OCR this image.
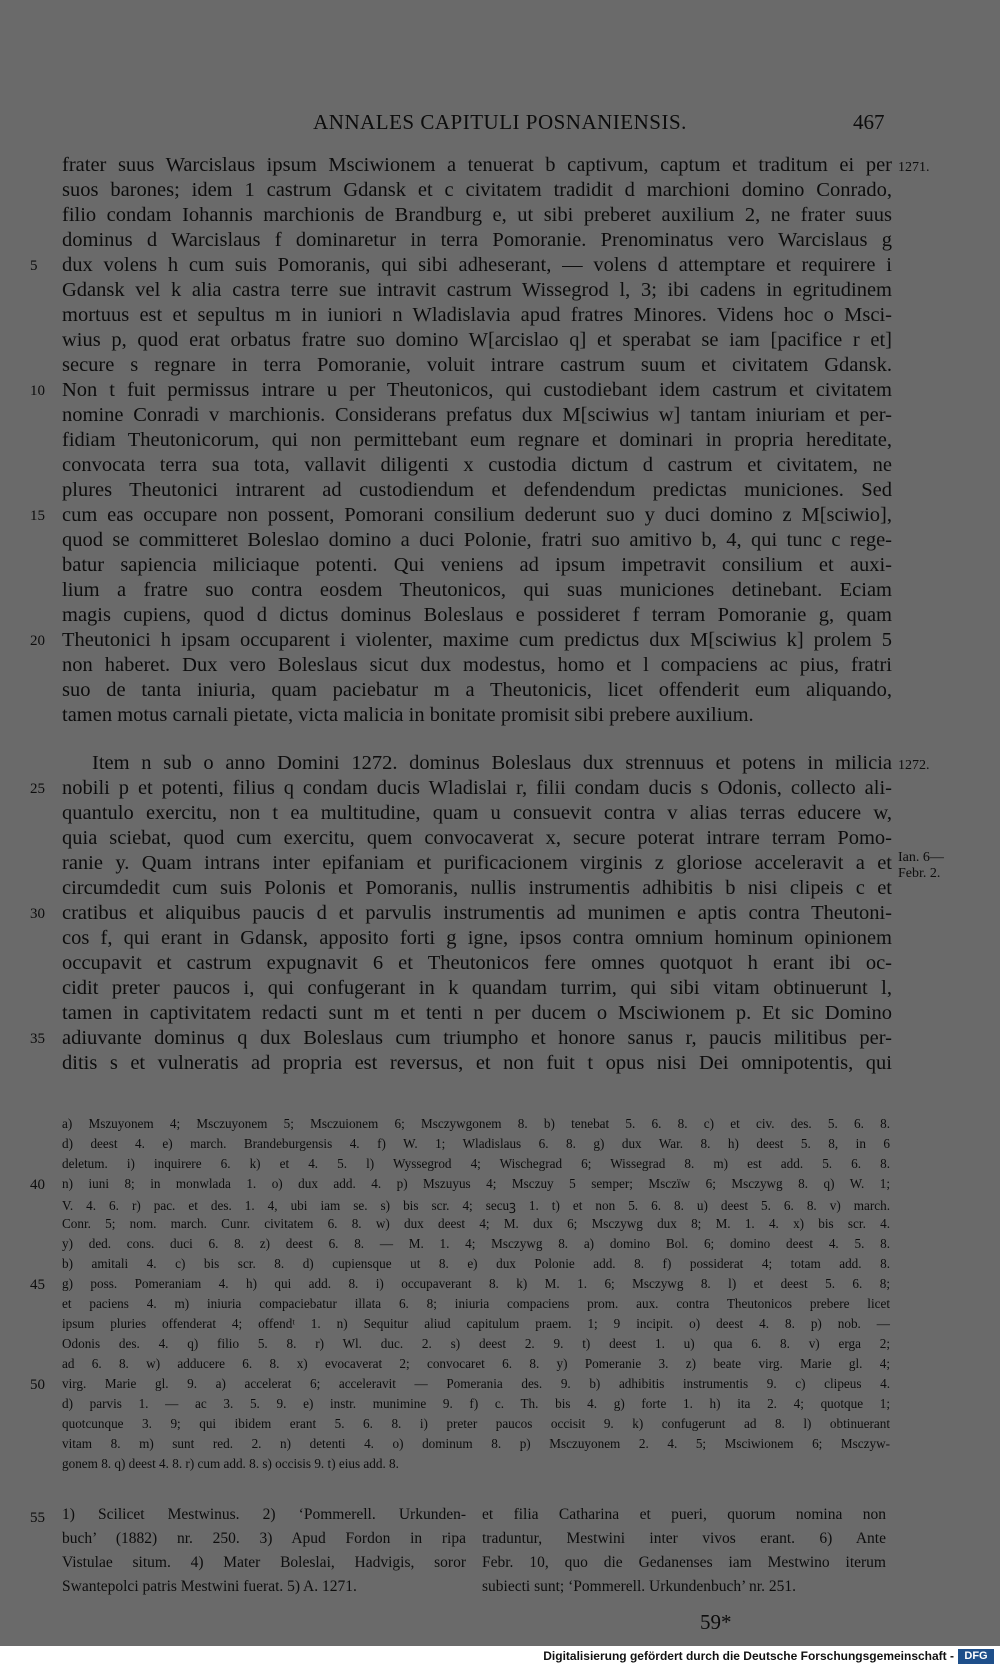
ANNALES CAPITULI POSNANIENSIS.	467
frater suus Warcislaus ipsum Msciwionem a tenuerat b captivum, captum et traditum ei per
suos barones; idem 1 castrum Gdansk et c civitatem tradidit d marchioni domino Conrado,
filio condam Iohannis marchionis de Brandburg e, ut sibi preberet auxilium 2, ne frater suus
dominus d Warcislaus f dominaretur in terra Pomoranie. Prenominatus vero Warcislaus g
dux volens h cum suis Pomoranis, qui sibi adheserant, — volens d attemptare et requirere i
Gdansk vel k alia castra terre sue intravit castrum Wissegrod l, 3; ibi cadens in egritudinem
mortuus est et sepultus m in iuniori n Wladislavia apud fratres Minores. Videns hoc o Msci-
wius p, quod erat orbatus fratre suo domino W[arcislao q] et sperabat se iam [pacifice r et]
secure s regnare in terra Pomoranie, voluit intrare castrum suum et civitatem Gdansk.
Non t fuit permissus intrare u per Theutonicos, qui custodiebant idem castrum et civitatem
nomine Conradi v marchionis. Considerans prefatus dux M[sciwius w] tantam iniuriam et per-
fidiam Theutonicorum, qui non permittebant eum regnare et dominari in propria hereditate,
convocata terra sua tota, vallavit diligenti x custodia dictum d castrum et civitatem, ne
plures Theutonici intrarent ad custodiendum et defendendum predictas municiones. Sed
cum eas occupare non possent, Pomorani consilium dederunt suo y duci domino z M[sciwio],
quod se committeret Boleslao domino a duci Polonie, fratri suo amitivo b, 4, qui tunc c rege-
batur sapiencia miliciaque potenti. Qui veniens ad ipsum impetravit consilium et auxi-
lium a fratre suo contra eosdem Theutonicos, qui suas municiones detinebant. Eciam
magis cupiens, quod d dictus dominus Boleslaus e possideret f terram Pomoranie g, quam
Theutonici h ipsam occuparent i violenter, maxime cum predictus dux M[sciwius k] prolem 5
non haberet. Dux vero Boleslaus sicut dux modestus, homo et l compaciens ac pius, fratri
suo de tanta iniuria, quam paciebatur m a Theutonicis, licet offenderit eum aliquando,
tamen motus carnali pietate, victa malicia in bonitate promisit sibi prebere auxilium.
Item n sub o anno Domini 1272. dominus Boleslaus dux strennuus et potens in milicia
nobili p et potenti, filius q condam ducis Wladislai r, filii condam ducis s Odonis, collecto ali-
quantulo exercitu, non t ea multitudine, quam u consuevit contra v alias terras educere w,
quia sciebat, quod cum exercitu, quem convocaverat x, secure poterat intrare terram Pomo-
ranie y. Quam intrans inter epifaniam et purificacionem virginis z gloriose acceleravit a et
circumdedit cum suis Polonis et Pomoranis, nullis instrumentis adhibitis b nisi clipeis c et
cratibus et aliquibus paucis d et parvulis instrumentis ad munimen e aptis contra Theutoni-
cos f, qui erant in Gdansk, apposito forti g igne, ipsos contra omnium hominum opinionem
occupavit et castrum expugnavit 6 et Theutonicos fere omnes quotquot h erant ibi oc-
cidit preter paucos i, qui confugerant in k quandam turrim, qui sibi vitam obtinuerunt l,
tamen in captivitatem redacti sunt m et tenti n per ducem o Msciwionem p. Et sic Domino
adiuvante dominus q dux Boleslaus cum triumpho et honore sanus r, paucis militibus per-
ditis s et vulneratis ad propria est reversus, et non fuit t opus nisi Dei omnipotentis, qui
5
10
15
20
25
30
35
1271.
1272.
Ian. 6—
Febr. 2.
a) Mszuyonem 4; Msczuyonem 5; Msczuionem 6; Msczywgonem 8. b) tenebat 5. 6. 8. c) et civ. des. 5. 6. 8.
d) deest 4. e) march. Brandeburgensis 4. f) W. 1; Wladislaus 6. 8. g) dux War. 8. h) deest 5. 8, in 6
deletum. i) inquirere 6. k) et 4. 5. l) Wyssegrod 4; Wischegrad 6; Wissegrad 8. m) est add. 5. 6. 8.
n) iuni 8; in monwlada 1. o) dux add. 4. p) Mszuyus 4; Msczuy 5 semper; Msczїw 6; Msczywg 8. q) W. 1;
V. 4. 6. r) pac. et des. 1. 4, ubi iam se. s) bis scr. 4; secuꝫ 1. t) et non 5. 6. 8. u) deest 5. 6. 8. v) march.
Conr. 5; nom. march. Cunr. civitatem 6. 8. w) dux deest 4; M. dux 6; Msczywg dux 8; M. 1. 4. x) bis scr. 4.
y) ded. cons. duci 6. 8. z) deest 6. 8. — M. 1. 4; Msczywg 8. a) domino Bol. 6; domino deest 4. 5. 8.
b) amitali 4. c) bis scr. 8. d) cupiensque ut 8. e) dux Polonie add. 8. f) possiderat 4; totam add. 8.
g) poss. Pomeraniam 4. h) qui add. 8. i) occupaverant 8. k) M. 1. 6; Msczywg 8. l) et deest 5. 6. 8;
et paciens 4. m) iniuria compaciebatur illata 6. 8; iniuria compaciens prom. aux. contra Theutonicos prebere licet
ipsum pluries offenderat 4; offendᵗ 1. n) Sequitur aliud capitulum praem. 1; 9 incipit. o) deest 4. 8. p) nob. —
Odonis des. 4. q) filio 5. 8. r) Wl. duc. 2. s) deest 2. 9. t) deest 1. u) qua 6. 8. v) erga 2;
ad 6. 8. w) adducere 6. 8. x) evocaverat 2; convocaret 6. 8. y) Pomeranie 3. z) beate virg. Marie gl. 4;
virg. Marie gl. 9. a) accelerat 6; acceleravit — Pomerania des. 9. b) adhibitis instrumentis 9. c) clipeus 4.
d) parvis 1. — ac 3. 5. 9. e) instr. munimine 9. f) c. Th. bis 4. g) forte 1. h) ita 2. 4; quotque 1;
quotcunque 3. 9; qui ibidem erant 5. 6. 8. i) preter paucos occisit 9. k) confugerunt ad 8. l) obtinuerant
vitam 8. m) sunt red. 2. n) detenti 4. o) dominum 8. p) Msczuyonem 2. 4. 5; Msciwionem 6; Msczyw-
gonem 8. q) deest 4. 8. r) cum add. 8. s) occisis 9. t) eius add. 8.
40
45
50
55 1) Scilicet Mestwinus. 2) ‘Pommerell. Urkunden-
buch’ (1882) nr. 250. 3) Apud Fordon in ripa
Vistulae situm. 4) Mater Boleslai, Hadvigis, soror
Swantepolci patris Mestwini fuerat. 5) A. 1271.
et filia Catharina et pueri, quorum nomina non
traduntur, Mestwini inter vivos erant. 6) Ante
Febr. 10, quo die Gedanenses iam Mestwino iterum
subiecti sunt; ‘Pommerell. Urkundenbuch’ nr. 251.
59*
Digitalisierung gefördert durch die Deutsche Forschungsgemeinschaft - DFG
